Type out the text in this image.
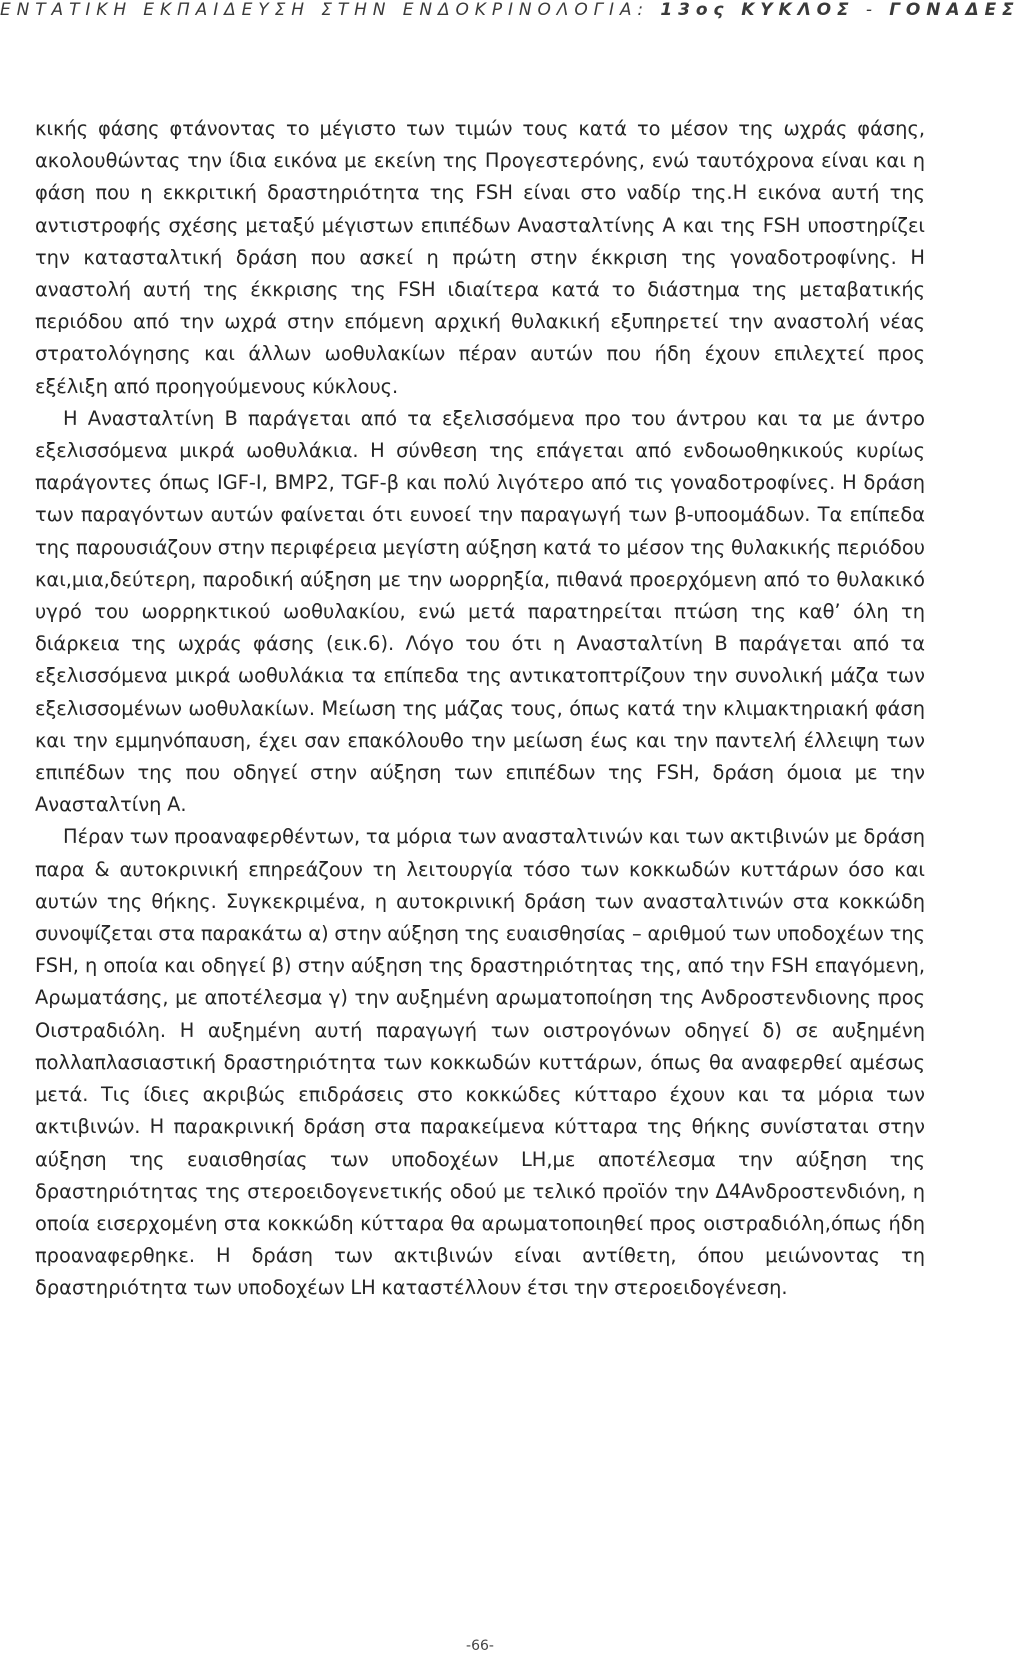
ΕΝΤΑΤΙΚΗ ΕΚΠΑΙΔΕΥΣΗ ΣΤΗΝ ΕΝΔΟΚΡΙΝΟΛΟΓΙΑ: 13ος ΚΥΚΛΟΣ - ΓΟΝΑΔΕΣ

κικής φάσης φτάνοντας το μέγιστο των τιμών τους κατά το μέσον της ωχράς φάσης, ακολουθώντας την ίδια εικόνα με εκείνη της Προγεστερόνης, ενώ ταυτόχρονα είναι και η φάση που η εκκριτική δραστηριότητα της FSH είναι στο ναδίρ της.Η εικόνα αυτή της αντιστροφής σχέσης μεταξύ μέγιστων επιπέδων Ανασταλτίνης Α και της FSH υποστηρίζει την κατασταλτική δράση που ασκεί η πρώτη στην έκκριση της γοναδοτροφίνης. Η αναστολή αυτή της έκκρισης της FSH ιδιαίτερα κατά το διάστημα της μεταβατικής περιόδου από την ωχρά στην επόμενη αρχική θυλακική εξυπηρετεί την αναστολή νέας στρατολόγησης και άλλων ωοθυλακίων πέραν αυτών που ήδη έχουν επιλεχτεί προς εξέλιξη από προηγούμενους κύκλους.

Η Ανασταλτίνη Β παράγεται από τα εξελισσόμενα προ του άντρου και τα με άντρο εξελισσόμενα μικρά ωοθυλάκια. Η σύνθεση της επάγεται από ενδοωοθηκικούς κυρίως παράγοντες όπως IGF-I, BMP2, TGF-β και πολύ λιγότερο από τις γοναδοτροφίνες. Η δράση των παραγόντων αυτών φαίνεται ότι ευνοεί την παραγωγή των β-υποομάδων. Τα επίπεδα της παρουσιάζουν στην περιφέρεια μεγίστη αύξηση κατά το μέσον της θυλακικής περιόδου και,μια,δεύτερη, παροδική αύξηση με την ωορρηξία, πιθανά προερχόμενη από το θυλακικό υγρό του ωορρηκτικού ωοθυλακίου, ενώ μετά παρατηρείται πτώση της καθ’ όλη τη διάρκεια της ωχράς φάσης (εικ.6). Λόγο του ότι η Ανασταλτίνη Β παράγεται από τα εξελισσόμενα μικρά ωοθυλάκια τα επίπεδα της αντικατοπτρίζουν την συνολική μάζα των εξελισσομένων ωοθυλακίων. Μείωση της μάζας τους, όπως κατά την κλιμακτηριακή φάση και την εμμηνόπαυση, έχει σαν επακόλουθο την μείωση έως και την παντελή έλλειψη των επιπέδων της που οδηγεί στην αύξηση των επιπέδων της FSH, δράση όμοια με την Ανασταλτίνη Α.

Πέραν των προαναφερθέντων, τα μόρια των ανασταλτινών και των ακτιβινών με δράση παρα & αυτοκρινική επηρεάζουν τη λειτουργία τόσο των κοκκωδών κυττάρων όσο και αυτών της θήκης. Συγκεκριμένα, η αυτοκρινική δράση των ανασταλτινών στα κοκκώδη συνοψίζεται στα παρακάτω α) στην αύξηση της ευαισθησίας – αριθμού των υποδοχέων της FSH, η οποία και οδηγεί β) στην αύξηση της δραστηριότητας της, από την FSH επαγόμενη, Αρωματάσης, με αποτέλεσμα γ) την αυξημένη αρωματοποίηση της Ανδροστενδιονης προς Οιστραδιόλη. Η αυξημένη αυτή παραγωγή των οιστρογόνων οδηγεί δ) σε αυξημένη πολλαπλασιαστική δραστηριότητα των κοκκωδών κυττάρων, όπως θα αναφερθεί αμέσως μετά. Τις ίδιες ακριβώς επιδράσεις στο κοκκώδες κύτταρο έχουν και τα μόρια των ακτιβινών. Η παρακρινική δράση στα παρακείμενα κύτταρα της θήκης συνίσταται στην αύξηση της ευαισθησίας των υποδοχέων LH,με αποτέλεσμα την αύξηση της δραστηριότητας της στεροειδογενετικής οδού με τελικό προϊόν την Δ4Ανδροστενδιόνη, η οποία εισερχομένη στα κοκκώδη κύτταρα θα αρωματοποιηθεί προς οιστραδιόλη,όπως ήδη προαναφερθηκε. Η δράση των ακτιβινών είναι αντίθετη, όπου μειώνοντας τη δραστηριότητα των υποδοχέων LH καταστέλλουν έτσι την στεροειδογένεση.

-66-
